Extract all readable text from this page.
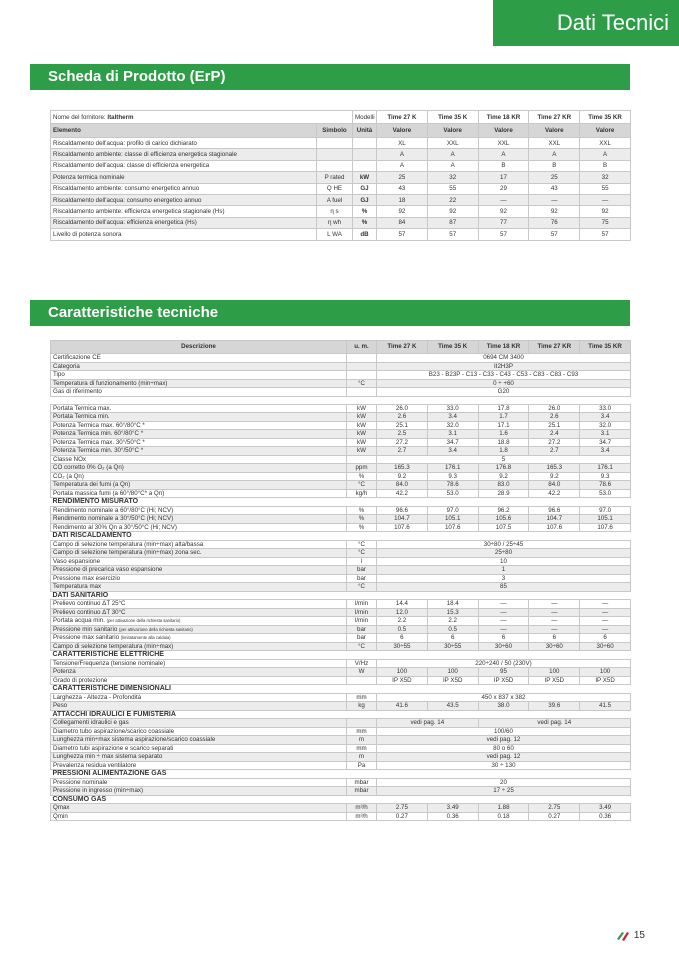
Dati Tecnici
Scheda di Prodotto (ErP)
Nome del fornitore: Italtherm		Modelli	Time 27 K	Time 35 K	Time 18 KR	Time 27 KR	Time 35 KR
Elemento	Simbolo	Unità	Valore	Valore	Valore	Valore	Valore
Riscaldamento dell'acqua: profilo di carico dichiarato			XL	XXL	XXL	XXL	XXL
Riscaldamento ambiente: classe di efficienza energetica stagionale			A	A	A	A	A
Riscaldamento dell'acqua: classe di efficienza energetica			A	A	B	B	B
Potenza termica nominale	P rated	kW	25	32	17	25	32
Riscaldamento ambiente: consumo energetico annuo	Q HE	GJ	43	55	29	43	55
Riscaldamento dell'acqua: consumo energetico annuo	A fuel	GJ	18	22	—	—	—
Riscaldamento ambiente: efficienza energetica stagionale (Hs)	η s	%	92	92	92	92	92
Riscaldamento dell'acqua: efficienza energetica (Hs)	η wh	%	84	87	77	76	75
Livello di potenza sonora	L WA	dB	57	57	57	57	57
Caratteristiche tecniche
Descrizione	u. m.	Time 27 K	Time 35 K	Time 18 KR	Time 27 KR	Time 35 KR
Certificazione CE		0694 CM 3400				
Categoria		II2H3P				
Tipo		B23 - B23P - C13 - C33 - C43 - C53 - C83 - C83 - C93				
Temperatura di funzionamento (min÷max)	°C	0 ÷ +60				
Gas di riferimento		G20				

Portata Termica max.	kW	26.0	33.0	17.8	26.0	33.0
Portata Termica min.	kW	2.6	3.4	1.7	2.6	3.4
Potenza Termica max. 60°/80°C *	kW	25.1	32.0	17.1	25.1	32.0
Potenza Termica min. 60°/80°C *	kW	2.5	3.1	1.6	2.4	3.1
Potenza Termica max. 30°/50°C *	kW	27.2	34.7	18.8	27.2	34.7
Potenza Termica min. 30°/50°C *	kW	2.7	3.4	1.8	2.7	3.4
Classe NOx		5				
CO corretto 0% O₂ (a Qn)	ppm	165.3	176.1	176.8	165.3	176.1
CO₂ (a Qn)	%	9.2	9.3	9.2	9.2	9.3
Temperatura dei fumi (a Qn)	°C	84.0	78.6	83.0	84.0	78.6
Portata massica fumi (a 60°/80°C* a Qn)	kg/h	42.2	53.0	28.9	42.2	53.0
RENDIMENTO MISURATO						
Rendimento nominale a 60°/80°C (Hi; NCV)	%	96.6	97.0	96.2	96.6	97.0
Rendimento nominale a 30°/50°C (Hi; NCV)	%	104.7	105.1	105.6	104.7	105.1
Rendimento al 30% Qn a 30°/50°C (Hi; NCV)	%	107.6	107.6	107.5	107.6	107.6
DATI RISCALDAMENTO						
Campo di selezione temperatura (min÷max) alta/bassa	°C	30÷80 / 25÷45				
Campo di selezione temperatura (min÷max) zona sec.	°C	25÷80				
Vaso espansione	l	10				
Pressione di precarica vaso espansione	bar	1				
Pressione max esercizio	bar	3				
Temperatura max	°C	85				
DATI SANITARIO						
Prelievo continuo ΔT 25°C	l/min	14.4	18.4	—	—	—
Prelievo continuo ΔT 30°C	l/min	12.0	15.3	—	—	—
Portata acqua min. (per attivazione della richiesta sanitario)	l/min	2.2	2.2	—	—	—
Pressione min sanitario (per attivazione della richiesta sanitario)	bar	0.5	0.5	—	—	—
Pressione max sanitario (limitatamente alla caldaia)	bar	6	6	6	6	6
Campo di selezione temperatura (min÷max)	°C	30÷55	30÷55	30÷60	30÷60	30÷60
CARATTERISTICHE ELETTRICHE						
Tensione/Frequenza (tensione nominale)	V/Hz	220÷240 / 50 (230V)				
Potenza	W	100	100	95	100	100
Grado di protezione		IP X5D	IP X5D	IP X5D	IP X5D	IP X5D
CARATTERISTICHE DIMENSIONALI						
Larghezza - Altezza - Profondità	mm	450 x 837 x 382				
Peso	kg	41.6	43.5	38.0	39.6	41.5
ATTACCHI IDRAULICI E FUMISTERIA						
Collegamenti idraulici e gas		vedi pag. 14		vedi pag. 14		
Diametro tubo aspirazione/scarico coassiale	mm	100/60				
Lunghezza min÷max sistema aspirazione/scarico coassiale	m	vedi pag. 12				
Diametro tubi aspirazione e scarico separati	mm	80 o 60				
Lunghezza min ÷ max sistema separato	m	vedi pag. 12				
Prevalenza residua ventilatore	Pa	30 ÷ 130				
PRESSIONI ALIMENTAZIONE GAS						
Pressione nominale	mbar	20				
Pressione in ingresso (min÷max)	mbar	17 ÷ 25				
CONSUMO GAS						
Qmax	m³/h	2.75	3.49	1.88	2.75	3.49
Qmin	m³/h	0.27	0.36	0.18	0.27	0.36
15
